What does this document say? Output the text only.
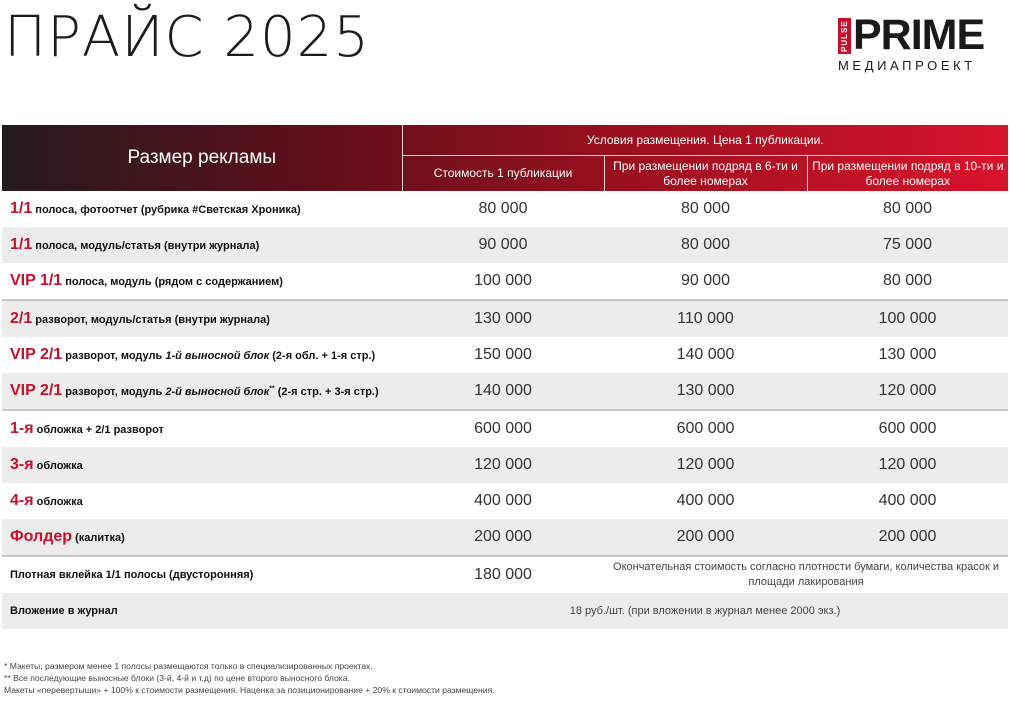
ПРАЙС 2025	PULSE PRIME
МЕДИАПРОЕКТ
Размер рекламы	Условия размещения. Цена 1 публикации.		
	Стоимость 1 публикации	При размещении подряд в 6-ти и более номерах	При размещении подряд в 10-ти и более номерах
1/1 полоса, фотоотчет (рубрика #Светская Хроника)	80 000	80 000	80 000
1/1 полоса, модуль/статья (внутри журнала)	90 000	80 000	75 000
VIP 1/1 полоса, модуль (рядом с содержанием)	100 000	90 000	80 000
2/1 разворот, модуль/статья (внутри журнала)	130 000	110 000	100 000
VIP 2/1 разворот, модуль 1-й выносной блок (2-я обл. + 1-я стр.)	150 000	140 000	130 000
VIP 2/1 разворот, модуль 2-й выносной блок** (2-я стр. + 3-я стр.)	140 000	130 000	120 000
1-я обложка + 2/1 разворот	600 000	600 000	600 000
3-я обложка	120 000	120 000	120 000
4-я обложка	400 000	400 000	400 000
Фолдер (калитка)	200 000	200 000	200 000
Плотная вклейка 1/1 полосы (двусторонняя)	180 000	Окончательная стоимость согласно плотности бумаги, количества красок и площади лакирования	
Вложение в журнал	18 руб./шт. (при вложении в журнал менее 2000 экз.)		
* Макеты, размером менее 1 полосы размещаются только в специализированных проектах.
** Все последующие выносные блоки (3-й, 4-й и т.д) по цене второго выносного блока.
Макеты «перевертыши» + 100% к стоимости размещения. Наценка за позиционирование + 20% к стоимости размещения.
